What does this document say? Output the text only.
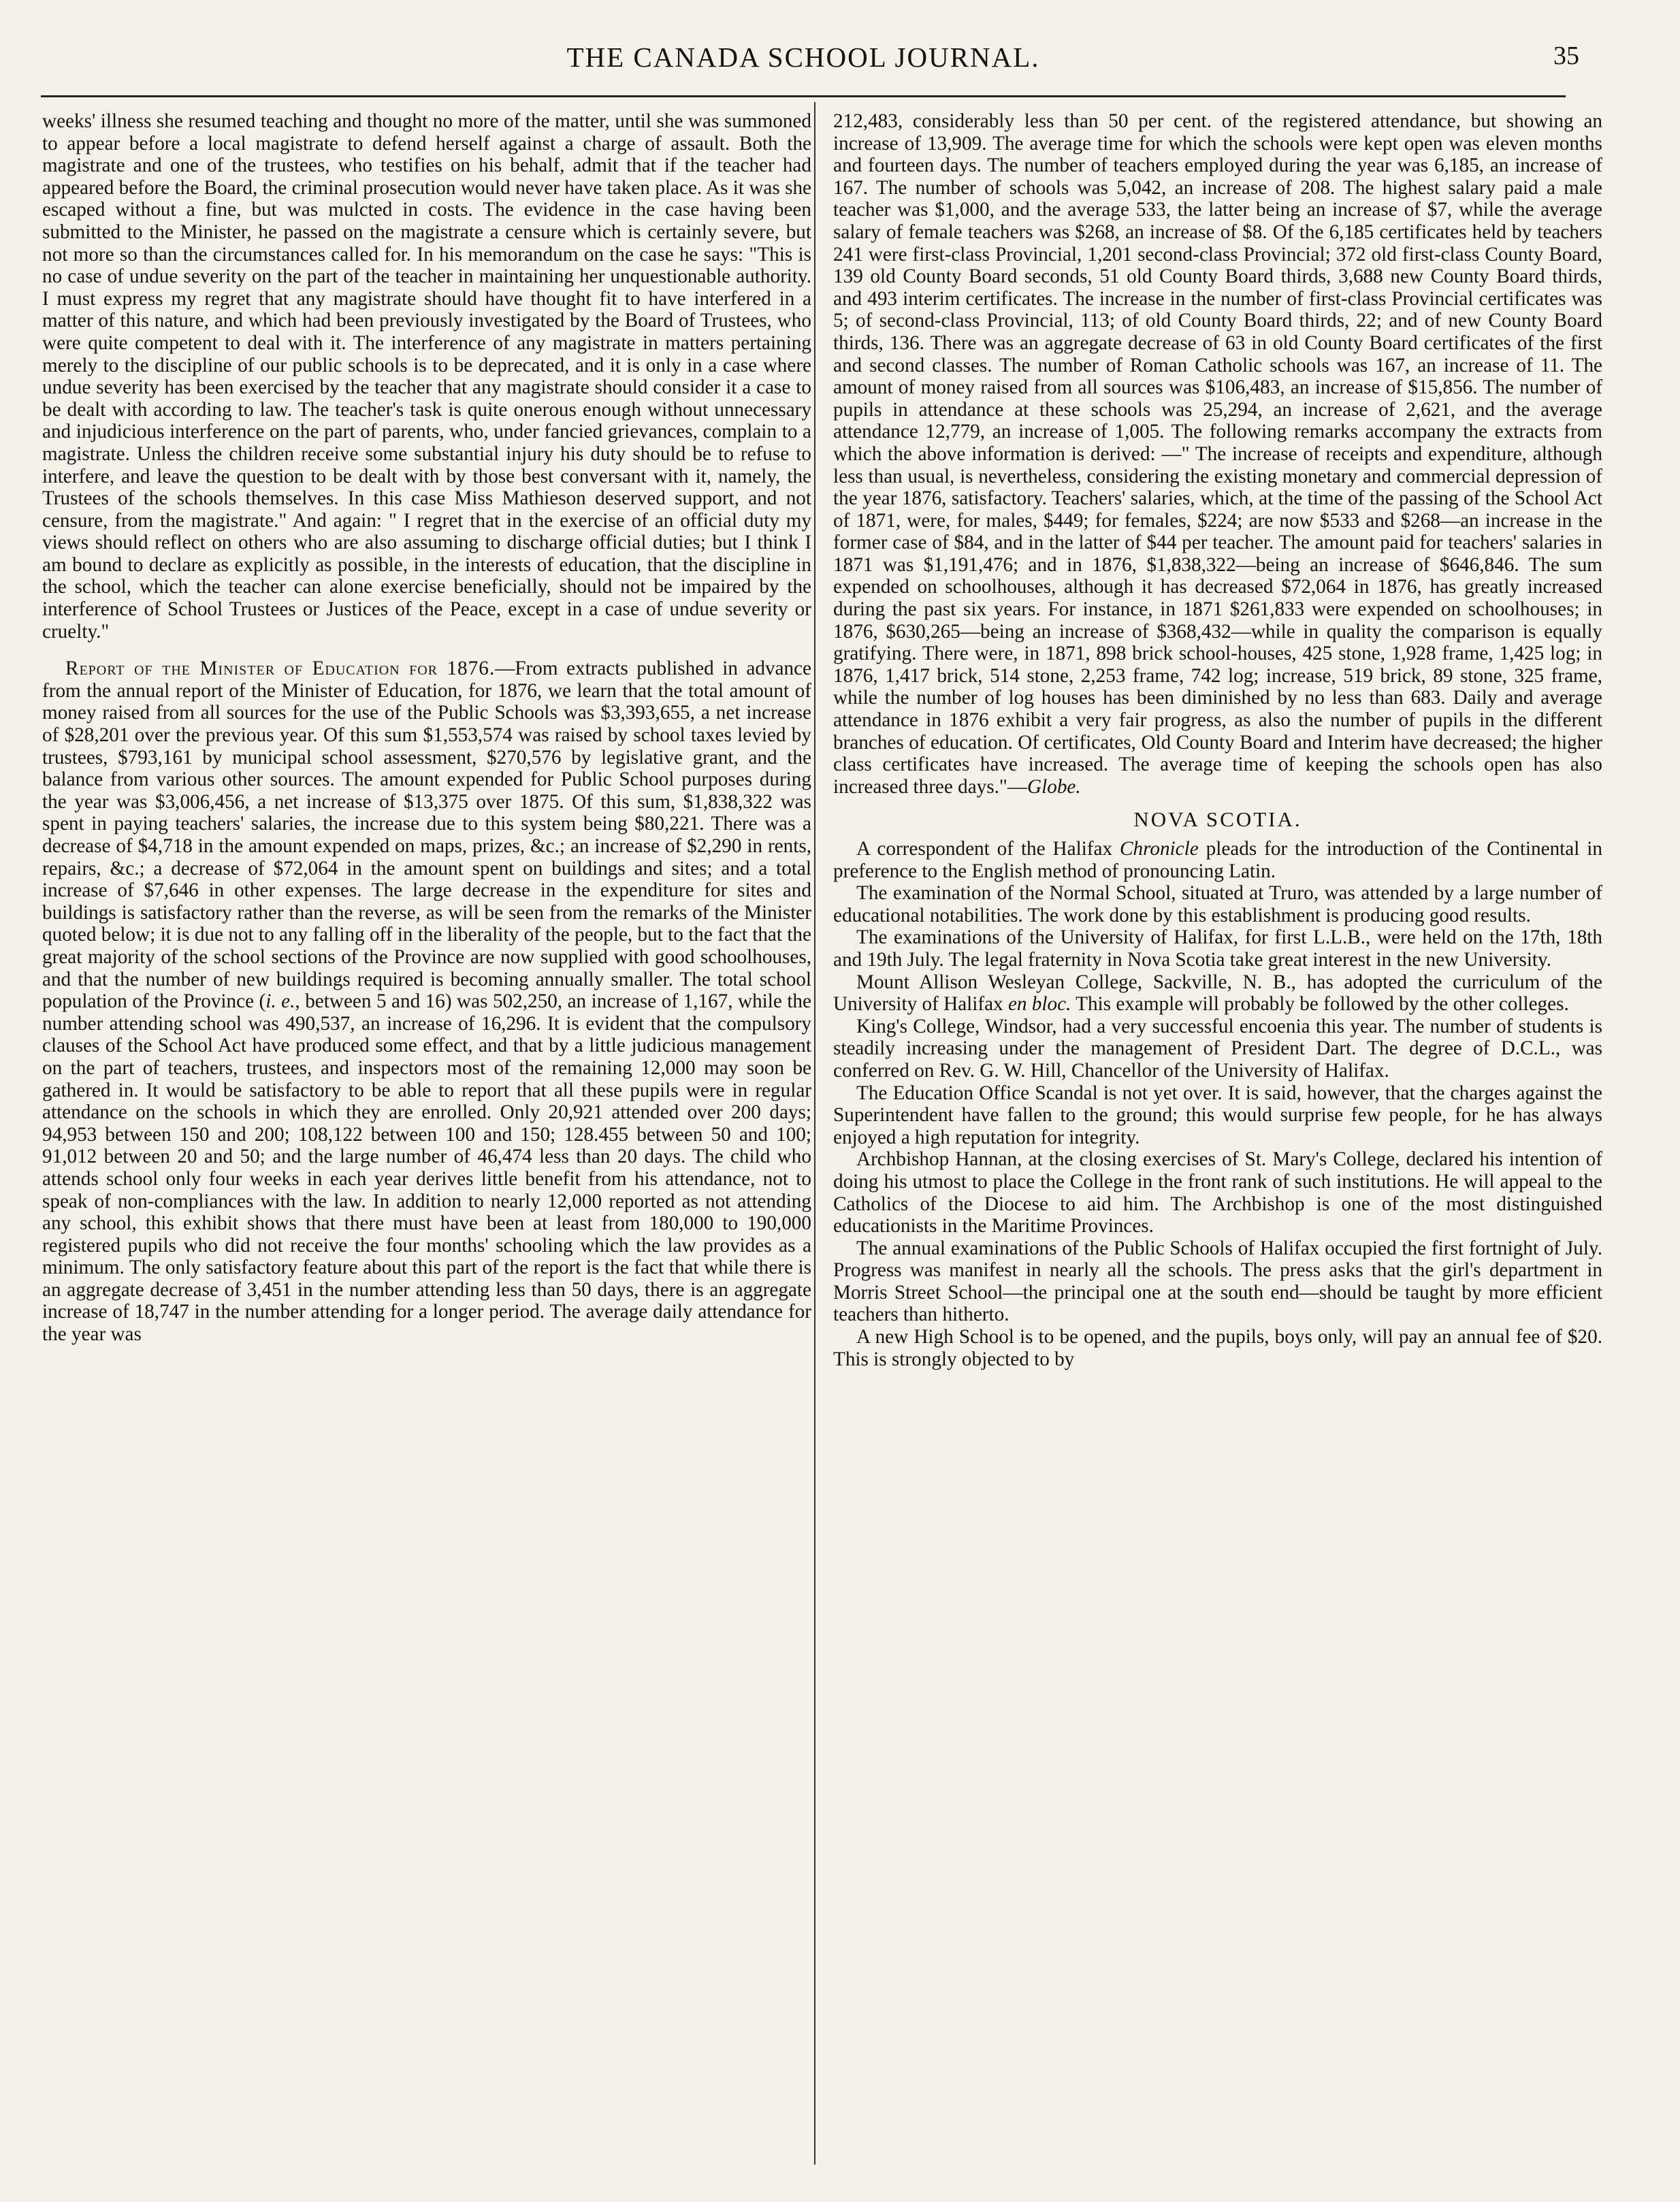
THE CANADA SCHOOL JOURNAL.	35

weeks' illness she resumed teaching and thought no more of the matter, until she was summoned to appear before a local magistrate to defend herself against a charge of assault. Both the magistrate and one of the trustees, who testifies on his behalf, admit that if the teacher had appeared before the Board, the criminal prosecution would never have taken place. As it was she escaped without a fine, but was mulcted in costs. The evidence in the case having been submitted to the Minister, he passed on the magistrate a censure which is certainly severe, but not more so than the circumstances called for. In his memorandum on the case he says: "This is no case of undue severity on the part of the teacher in maintaining her unquestionable authority. I must express my regret that any magistrate should have thought fit to have interfered in a matter of this nature, and which had been previously investigated by the Board of Trustees, who were quite competent to deal with it. The interference of any magistrate in matters pertaining merely to the discipline of our public schools is to be deprecated, and it is only in a case where undue severity has been exercised by the teacher that any magistrate should consider it a case to be dealt with according to law. The teacher's task is quite onerous enough without unnecessary and injudicious interference on the part of parents, who, under fancied grievances, complain to a magistrate. Unless the children receive some substantial injury his duty should be to refuse to interfere, and leave the question to be dealt with by those best conversant with it, namely, the Trustees of the schools themselves. In this case Miss Mathieson deserved support, and not censure, from the magistrate." And again: " I regret that in the exercise of an official duty my views should reflect on others who are also assuming to discharge official duties; but I think I am bound to declare as explicitly as possible, in the interests of education, that the discipline in the school, which the teacher can alone exercise beneficially, should not be impaired by the interference of School Trustees or Justices of the Peace, except in a case of undue severity or cruelty."

Report of the Minister of Education for 1876.—From extracts published in advance from the annual report of the Minister of Education, for 1876, we learn that the total amount of money raised from all sources for the use of the Public Schools was $3,393,655, a net increase of $28,201 over the previous year. Of this sum $1,553,574 was raised by school taxes levied by trustees, $793,161 by municipal school assessment, $270,576 by legislative grant, and the balance from various other sources. The amount expended for Public School purposes during the year was $3,006,456, a net increase of $13,375 over 1875. Of this sum, $1,838,322 was spent in paying teachers' salaries, the increase due to this system being $80,221. There was a decrease of $4,718 in the amount expended on maps, prizes, &c.; an increase of $2,290 in rents, repairs, &c.; a decrease of $72,064 in the amount spent on buildings and sites; and a total increase of $7,646 in other expenses. The large decrease in the expenditure for sites and buildings is satisfactory rather than the reverse, as will be seen from the remarks of the Minister quoted below; it is due not to any falling off in the liberality of the people, but to the fact that the great majority of the school sections of the Province are now supplied with good schoolhouses, and that the number of new buildings required is becoming annually smaller. The total school population of the Province (i. e., between 5 and 16) was 502,250, an increase of 1,167, while the number attending school was 490,537, an increase of 16,296. It is evident that the compulsory clauses of the School Act have produced some effect, and that by a little judicious management on the part of teachers, trustees, and inspectors most of the remaining 12,000 may soon be gathered in. It would be satisfactory to be able to report that all these pupils were in regular attendance on the schools in which they are enrolled. Only 20,921 attended over 200 days; 94,953 between 150 and 200; 108,122 between 100 and 150; 128.455 between 50 and 100; 91,012 between 20 and 50; and the large number of 46,474 less than 20 days. The child who attends school only four weeks in each year derives little benefit from his attendance, not to speak of non-compliances with the law. In addition to nearly 12,000 reported as not attending any school, this exhibit shows that there must have been at least from 180,000 to 190,000 registered pupils who did not receive the four months' schooling which the law provides as a minimum. The only satisfactory feature about this part of the report is the fact that while there is an aggregate decrease of 3,451 in the number attending less than 50 days, there is an aggregate increase of 18,747 in the number attending for a longer period. The average daily attendance for the year was

212,483, considerably less than 50 per cent. of the registered attendance, but showing an increase of 13,909. The average time for which the schools were kept open was eleven months and fourteen days. The number of teachers employed during the year was 6,185, an increase of 167. The number of schools was 5,042, an increase of 208. The highest salary paid a male teacher was $1,000, and the average 533, the latter being an increase of $7, while the average salary of female teachers was $268, an increase of $8. Of the 6,185 certificates held by teachers 241 were first-class Provincial, 1,201 second-class Provincial; 372 old first-class County Board, 139 old County Board seconds, 51 old County Board thirds, 3,688 new County Board thirds, and 493 interim certificates. The increase in the number of first-class Provincial certificates was 5; of second-class Provincial, 113; of old County Board thirds, 22; and of new County Board thirds, 136. There was an aggregate decrease of 63 in old County Board certificates of the first and second classes. The number of Roman Catholic schools was 167, an increase of 11. The amount of money raised from all sources was $106,483, an increase of $15,856. The number of pupils in attendance at these schools was 25,294, an increase of 2,621, and the average attendance 12,779, an increase of 1,005. The following remarks accompany the extracts from which the above information is derived: —" The increase of receipts and expenditure, although less than usual, is nevertheless, considering the existing monetary and commercial depression of the year 1876, satisfactory. Teachers' salaries, which, at the time of the passing of the School Act of 1871, were, for males, $449; for females, $224; are now $533 and $268—an increase in the former case of $84, and in the latter of $44 per teacher. The amount paid for teachers' salaries in 1871 was $1,191,476; and in 1876, $1,838,322—being an increase of $646,846. The sum expended on schoolhouses, although it has decreased $72,064 in 1876, has greatly increased during the past six years. For instance, in 1871 $261,833 were expended on schoolhouses; in 1876, $630,265—being an increase of $368,432—while in quality the comparison is equally gratifying. There were, in 1871, 898 brick school-houses, 425 stone, 1,928 frame, 1,425 log; in 1876, 1,417 brick, 514 stone, 2,253 frame, 742 log; increase, 519 brick, 89 stone, 325 frame, while the number of log houses has been diminished by no less than 683. Daily and average attendance in 1876 exhibit a very fair progress, as also the number of pupils in the different branches of education. Of certificates, Old County Board and Interim have decreased; the higher class certificates have increased. The average time of keeping the schools open has also increased three days."—Globe.

NOVA SCOTIA.

A correspondent of the Halifax Chronicle pleads for the introduction of the Continental in preference to the English method of pronouncing Latin.

The examination of the Normal School, situated at Truro, was attended by a large number of educational notabilities. The work done by this establishment is producing good results.

The examinations of the University of Halifax, for first L.L.B., were held on the 17th, 18th and 19th July. The legal fraternity in Nova Scotia take great interest in the new University.

Mount Allison Wesleyan College, Sackville, N. B., has adopted the curriculum of the University of Halifax en bloc. This example will probably be followed by the other colleges.

King's College, Windsor, had a very successful encoenia this year. The number of students is steadily increasing under the management of President Dart. The degree of D.C.L., was conferred on Rev. G. W. Hill, Chancellor of the University of Halifax.

The Education Office Scandal is not yet over. It is said, however, that the charges against the Superintendent have fallen to the ground; this would surprise few people, for he has always enjoyed a high reputation for integrity.

Archbishop Hannan, at the closing exercises of St. Mary's College, declared his intention of doing his utmost to place the College in the front rank of such institutions. He will appeal to the Catholics of the Diocese to aid him. The Archbishop is one of the most distinguished educationists in the Maritime Provinces.

The annual examinations of the Public Schools of Halifax occupied the first fortnight of July. Progress was manifest in nearly all the schools. The press asks that the girl's department in Morris Street School—the principal one at the south end—should be taught by more efficient teachers than hitherto.

A new High School is to be opened, and the pupils, boys only, will pay an annual fee of $20. This is strongly objected to by
